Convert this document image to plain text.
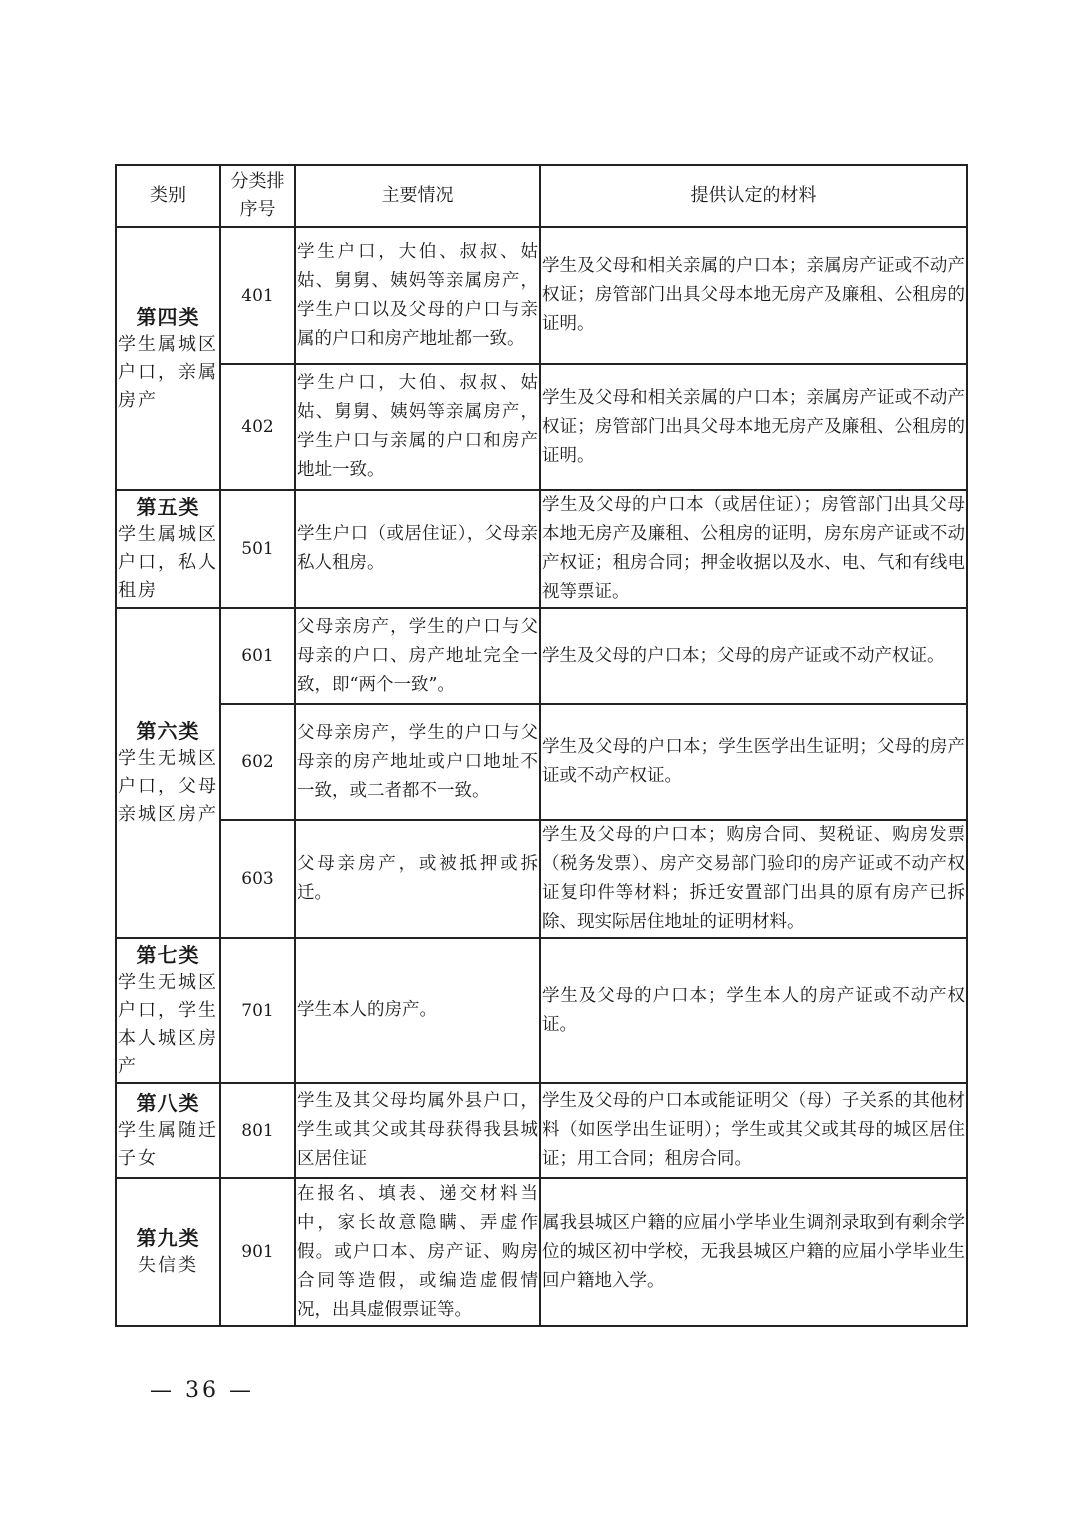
类别	分类排序号	主要情况	提供认定的材料

第四类
学生属城区户口，亲属房产	401	学生户口，大伯、叔叔、姑姑、舅舅、姨妈等亲属房产，学生户口以及父母的户口与亲属的户口和房产地址都一致。	学生及父母和相关亲属的户口本；亲属房产证或不动产权证；房管部门出具父母本地无房产及廉租、公租房的证明。
	402	学生户口，大伯、叔叔、姑姑、舅舅、姨妈等亲属房产，学生户口与亲属的户口和房产地址一致。	学生及父母和相关亲属的户口本；亲属房产证或不动产权证；房管部门出具父母本地无房产及廉租、公租房的证明。

第五类
学生属城区户口，私人租房	501	学生户口（或居住证），父母亲私人租房。	学生及父母的户口本（或居住证）；房管部门出具父母本地无房产及廉租、公租房的证明，房东房产证或不动产权证；租房合同；押金收据以及水、电、气和有线电视等票证。

第六类
学生无城区户口，父母亲城区房产	601	父母亲房产，学生的户口与父母亲的户口、房产地址完全一致，即“两个一致”。	学生及父母的户口本；父母的房产证或不动产权证。
	602	父母亲房产，学生的户口与父母亲的房产地址或户口地址不一致，或二者都不一致。	学生及父母的户口本；学生医学出生证明；父母的房产证或不动产权证。
	603	父母亲房产，或被抵押或拆迁。	学生及父母的户口本；购房合同、契税证、购房发票（税务发票）、房产交易部门验印的房产证或不动产权证复印件等材料；拆迁安置部门出具的原有房产已拆除、现实际居住地址的证明材料。

第七类
学生无城区户口，学生本人城区房产	701	学生本人的房产。	学生及父母的户口本；学生本人的房产证或不动产权证。

第八类
学生属随迁子女	801	学生及其父母均属外县户口，学生或其父或其母获得我县城区居住证	学生及父母的户口本或能证明父（母）子关系的其他材料（如医学出生证明）；学生或其父或其母的城区居住证；用工合同；租房合同。

第九类
失信类	901	在报名、填表、递交材料当中，家长故意隐瞒、弄虚作假。或户口本、房产证、购房合同等造假，或编造虚假情况，出具虚假票证等。	属我县城区户籍的应届小学毕业生调剂录取到有剩余学位的城区初中学校，无我县城区户籍的应届小学毕业生回户籍地入学。
— 36 —
